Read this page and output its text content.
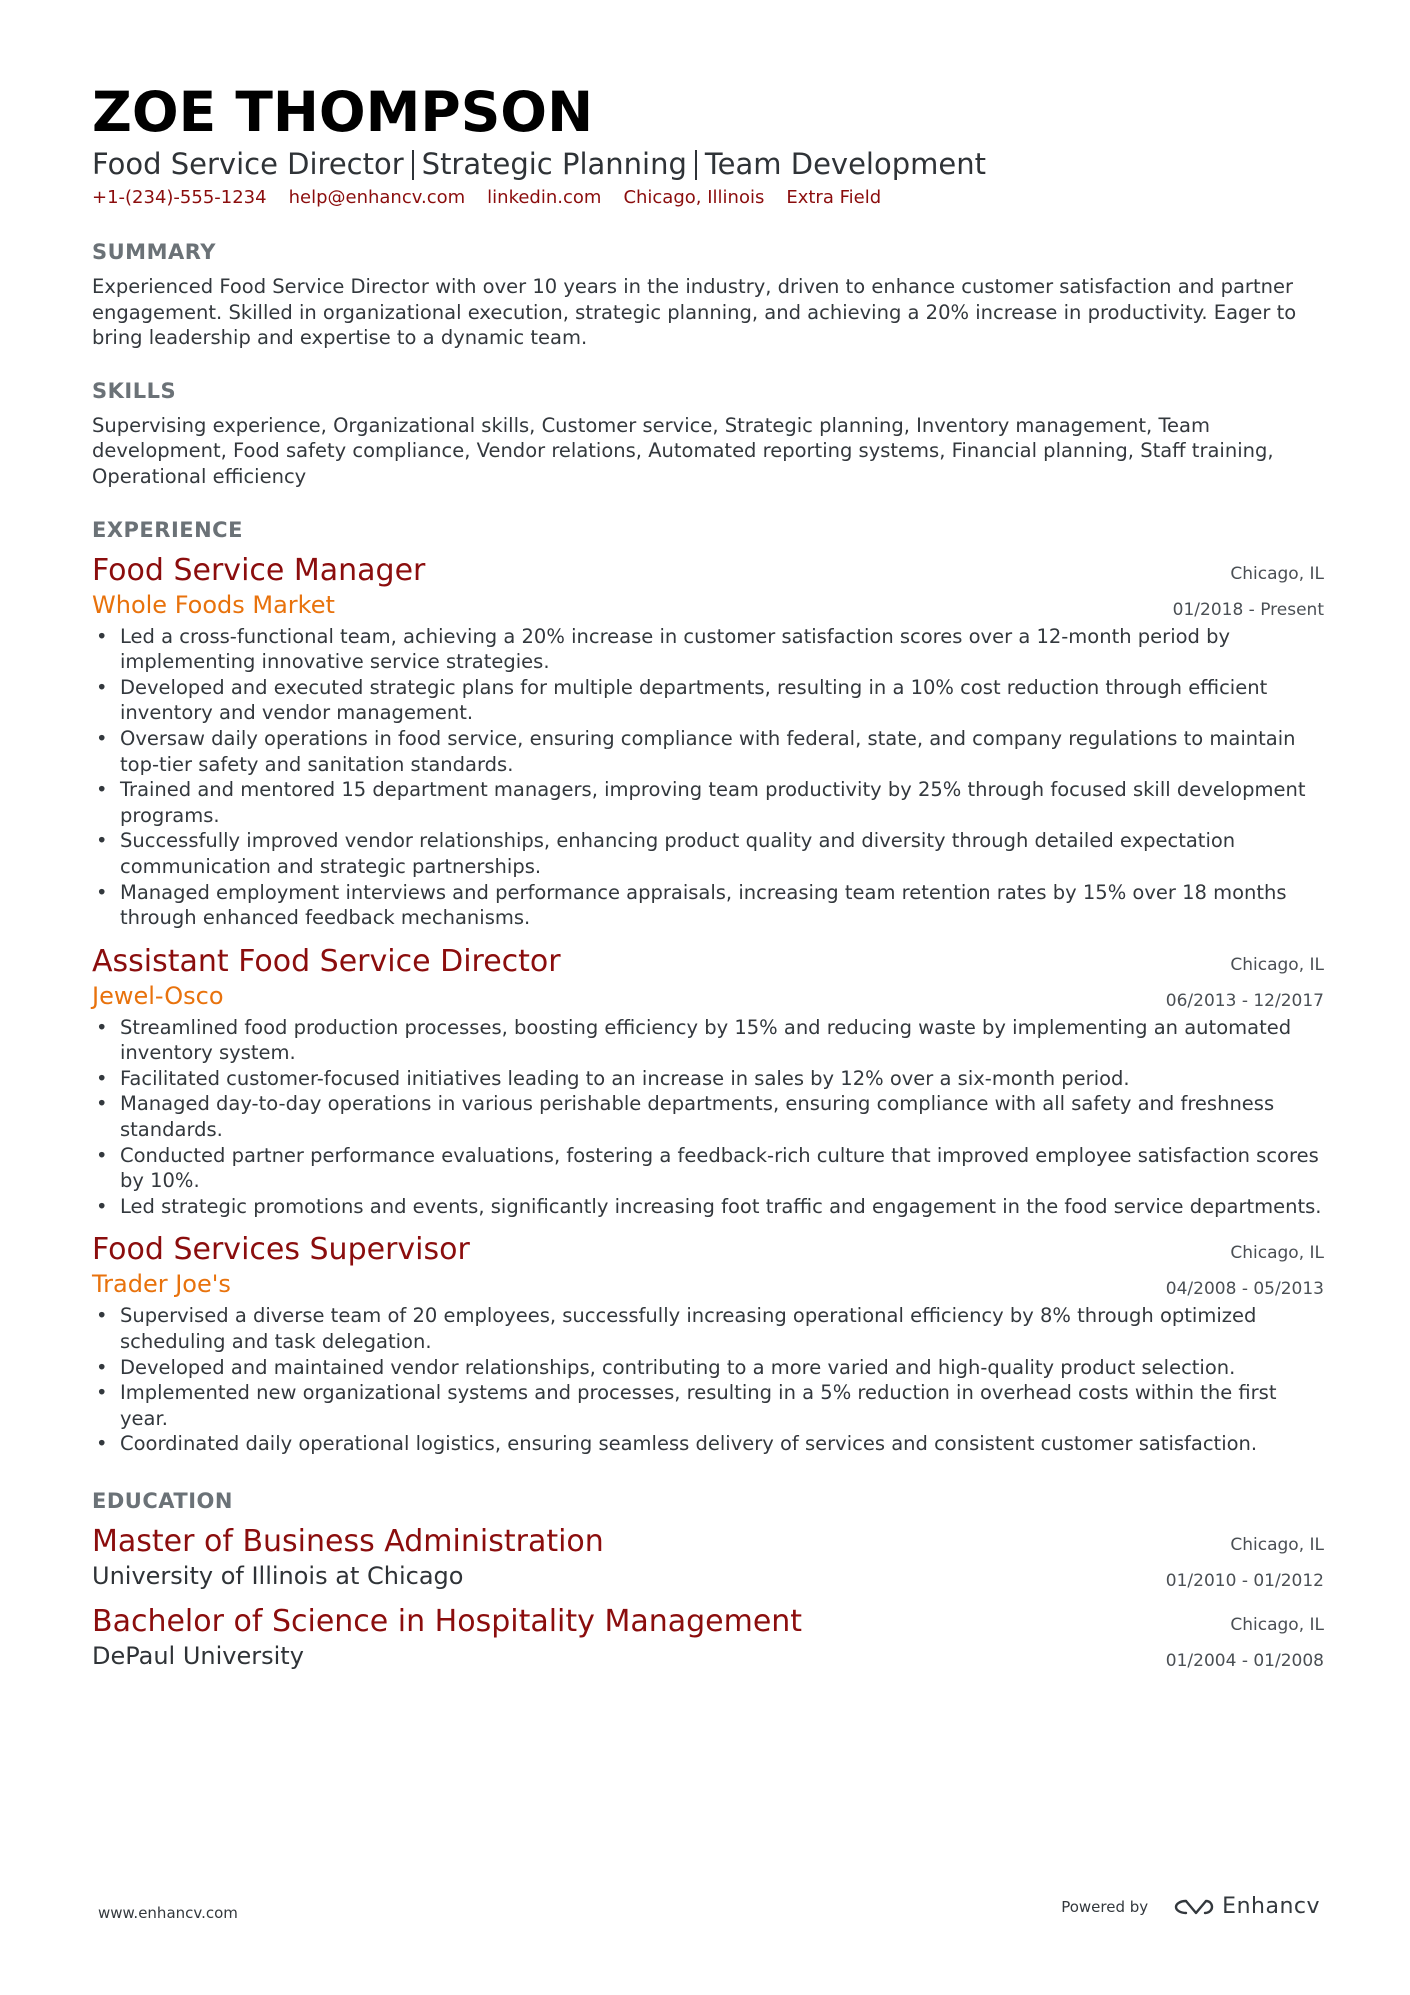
ZOE THOMPSON
Food Service Director Strategic Planning Team Development
+1-(234)-555-1234 help@enhancv.com linkedin.com Chicago, Illinois Extra Field
SUMMARY
Experienced Food Service Director with over 10 years in the industry, driven to enhance customer satisfaction and partner engagement. Skilled in organizational execution, strategic planning, and achieving a 20% increase in productivity. Eager to bring leadership and expertise to a dynamic team.
SKILLS
Supervising experience, Organizational skills, Customer service, Strategic planning, Inventory management, Team development, Food safety compliance, Vendor relations, Automated reporting systems, Financial planning, Staff training, Operational efficiency
EXPERIENCE
Food Service Manager
Whole Foods Market
Chicago, IL
01/2018 - Present
• Led a cross-functional team, achieving a 20% increase in customer satisfaction scores over a 12-month period by implementing innovative service strategies.
• Developed and executed strategic plans for multiple departments, resulting in a 10% cost reduction through efficient inventory and vendor management.
• Oversaw daily operations in food service, ensuring compliance with federal, state, and company regulations to maintain top-tier safety and sanitation standards.
• Trained and mentored 15 department managers, improving team productivity by 25% through focused skill development programs.
• Successfully improved vendor relationships, enhancing product quality and diversity through detailed expectation communication and strategic partnerships.
• Managed employment interviews and performance appraisals, increasing team retention rates by 15% over 18 months through enhanced feedback mechanisms.
Assistant Food Service Director
Jewel-Osco
Chicago, IL
06/2013 - 12/2017
• Streamlined food production processes, boosting efficiency by 15% and reducing waste by implementing an automated inventory system.
• Facilitated customer-focused initiatives leading to an increase in sales by 12% over a six-month period.
• Managed day-to-day operations in various perishable departments, ensuring compliance with all safety and freshness standards.
• Conducted partner performance evaluations, fostering a feedback-rich culture that improved employee satisfaction scores by 10%.
• Led strategic promotions and events, significantly increasing foot traffic and engagement in the food service departments.
Food Services Supervisor
Trader Joe's
Chicago, IL
04/2008 - 05/2013
• Supervised a diverse team of 20 employees, successfully increasing operational efficiency by 8% through optimized scheduling and task delegation.
• Developed and maintained vendor relationships, contributing to a more varied and high-quality product selection.
• Implemented new organizational systems and processes, resulting in a 5% reduction in overhead costs within the first year.
• Coordinated daily operational logistics, ensuring seamless delivery of services and consistent customer satisfaction.
EDUCATION
Master of Business Administration
University of Illinois at Chicago
Chicago, IL
01/2010 - 01/2012
Bachelor of Science in Hospitality Management
DePaul University
Chicago, IL
01/2004 - 01/2008
www.enhancv.com	Powered by	Enhancv
